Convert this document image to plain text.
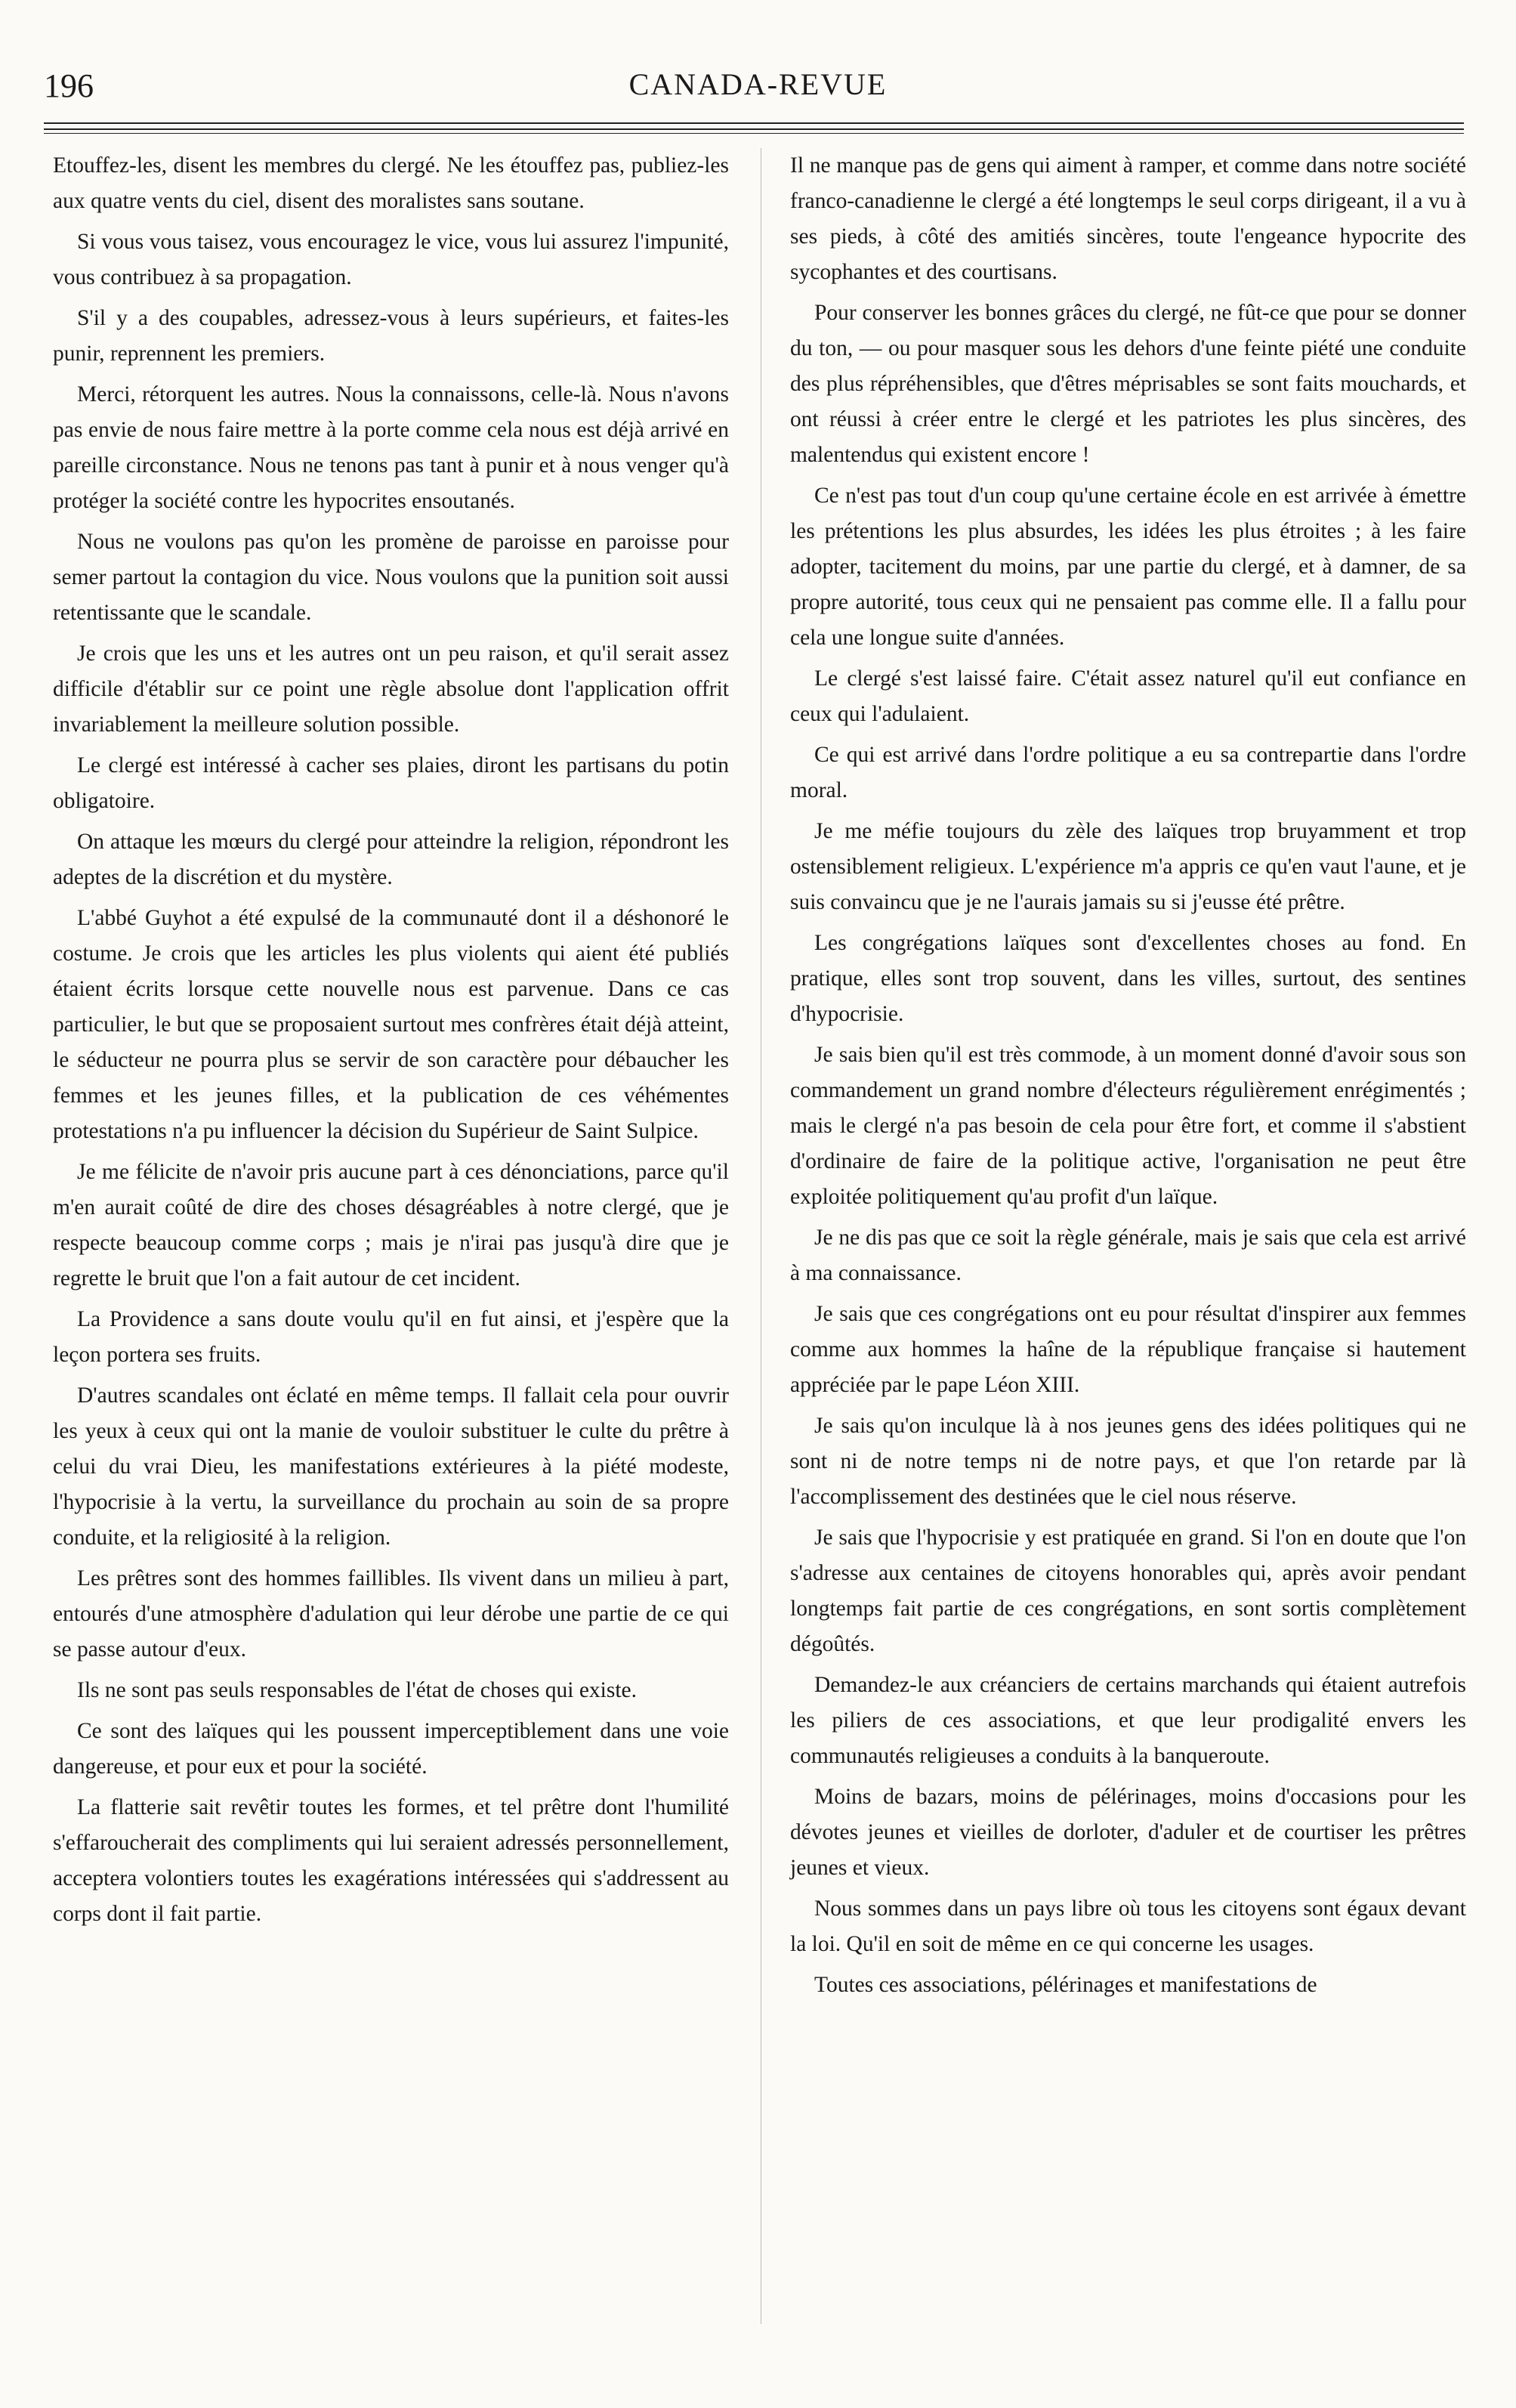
196	CANADA-REVUE

Etouffez-les, disent les membres du clergé. Ne les étouffez pas, publiez-les aux quatre vents du ciel, disent des moralistes sans soutane.

Si vous vous taisez, vous encouragez le vice, vous lui assurez l'impunité, vous contribuez à sa propagation.

S'il y a des coupables, adressez-vous à leurs supérieurs, et faites-les punir, reprennent les premiers.

Merci, rétorquent les autres. Nous la connaissons, celle-là. Nous n'avons pas envie de nous faire mettre à la porte comme cela nous est déjà arrivé en pareille circonstance. Nous ne tenons pas tant à punir et à nous venger qu'à protéger la société contre les hypocrites ensoutanés.

Nous ne voulons pas qu'on les promène de paroisse en paroisse pour semer partout la contagion du vice. Nous voulons que la punition soit aussi retentissante que le scandale.

Je crois que les uns et les autres ont un peu raison, et qu'il serait assez difficile d'établir sur ce point une règle absolue dont l'application offrit invariablement la meilleure solution possible.

Le clergé est intéressé à cacher ses plaies, diront les partisans du potin obligatoire.

On attaque les mœurs du clergé pour atteindre la religion, répondront les adeptes de la discrétion et du mystère.

L'abbé Guyhot a été expulsé de la communauté dont il a déshonoré le costume. Je crois que les articles les plus violents qui aient été publiés étaient écrits lorsque cette nouvelle nous est parvenue. Dans ce cas particulier, le but que se proposaient surtout mes confrères était déjà atteint, le séducteur ne pourra plus se servir de son caractère pour débaucher les femmes et les jeunes filles, et la publication de ces véhémentes protestations n'a pu influencer la décision du Supérieur de Saint Sulpice.

Je me félicite de n'avoir pris aucune part à ces dénonciations, parce qu'il m'en aurait coûté de dire des choses désagréables à notre clergé, que je respecte beaucoup comme corps ; mais je n'irai pas jusqu'à dire que je regrette le bruit que l'on a fait autour de cet incident.

La Providence a sans doute voulu qu'il en fut ainsi, et j'espère que la leçon portera ses fruits.

D'autres scandales ont éclaté en même temps. Il fallait cela pour ouvrir les yeux à ceux qui ont la manie de vouloir substituer le culte du prêtre à celui du vrai Dieu, les manifestations extérieures à la piété modeste, l'hypocrisie à la vertu, la surveillance du prochain au soin de sa propre conduite, et la religiosité à la religion.

Les prêtres sont des hommes faillibles. Ils vivent dans un milieu à part, entourés d'une atmosphère d'adulation qui leur dérobe une partie de ce qui se passe autour d'eux.

Ils ne sont pas seuls responsables de l'état de choses qui existe.

Ce sont des laïques qui les poussent imperceptiblement dans une voie dangereuse, et pour eux et pour la société.

La flatterie sait revêtir toutes les formes, et tel prêtre dont l'humilité s'effaroucherait des compliments qui lui seraient adressés personnellement, acceptera volontiers toutes les exagérations intéressées qui s'addressent au corps dont il fait partie.

Il ne manque pas de gens qui aiment à ramper, et comme dans notre société franco-canadienne le clergé a été longtemps le seul corps dirigeant, il a vu à ses pieds, à côté des amitiés sincères, toute l'engeance hypocrite des sycophantes et des courtisans.

Pour conserver les bonnes grâces du clergé, ne fût-ce que pour se donner du ton, — ou pour masquer sous les dehors d'une feinte piété une conduite des plus répréhensibles, que d'êtres méprisables se sont faits mouchards, et ont réussi à créer entre le clergé et les patriotes les plus sincères, des malentendus qui existent encore !

Ce n'est pas tout d'un coup qu'une certaine école en est arrivée à émettre les prétentions les plus absurdes, les idées les plus étroites ; à les faire adopter, tacitement du moins, par une partie du clergé, et à damner, de sa propre autorité, tous ceux qui ne pensaient pas comme elle. Il a fallu pour cela une longue suite d'années.

Le clergé s'est laissé faire. C'était assez naturel qu'il eut confiance en ceux qui l'adulaient.

Ce qui est arrivé dans l'ordre politique a eu sa contrepartie dans l'ordre moral.

Je me méfie toujours du zèle des laïques trop bruyamment et trop ostensiblement religieux. L'expérience m'a appris ce qu'en vaut l'aune, et je suis convaincu que je ne l'aurais jamais su si j'eusse été prêtre.

Les congrégations laïques sont d'excellentes choses au fond. En pratique, elles sont trop souvent, dans les villes, surtout, des sentines d'hypocrisie.

Je sais bien qu'il est très commode, à un moment donné d'avoir sous son commandement un grand nombre d'électeurs régulièrement enrégimentés ; mais le clergé n'a pas besoin de cela pour être fort, et comme il s'abstient d'ordinaire de faire de la politique active, l'organisation ne peut être exploitée politiquement qu'au profit d'un laïque.

Je ne dis pas que ce soit la règle générale, mais je sais que cela est arrivé à ma connaissance.

Je sais que ces congrégations ont eu pour résultat d'inspirer aux femmes comme aux hommes la haîne de la république française si hautement appréciée par le pape Léon XIII.

Je sais qu'on inculque là à nos jeunes gens des idées politiques qui ne sont ni de notre temps ni de notre pays, et que l'on retarde par là l'accomplissement des destinées que le ciel nous réserve.

Je sais que l'hypocrisie y est pratiquée en grand. Si l'on en doute que l'on s'adresse aux centaines de citoyens honorables qui, après avoir pendant longtemps fait partie de ces congrégations, en sont sortis complètement dégoûtés.

Demandez-le aux créanciers de certains marchands qui étaient autrefois les piliers de ces associations, et que leur prodigalité envers les communautés religieuses a conduits à la banqueroute.

Moins de bazars, moins de pélérinages, moins d'occasions pour les dévotes jeunes et vieilles de dorloter, d'aduler et de courtiser les prêtres jeunes et vieux.

Nous sommes dans un pays libre où tous les citoyens sont égaux devant la loi. Qu'il en soit de même en ce qui concerne les usages.

Toutes ces associations, pélérinages et manifestations de
